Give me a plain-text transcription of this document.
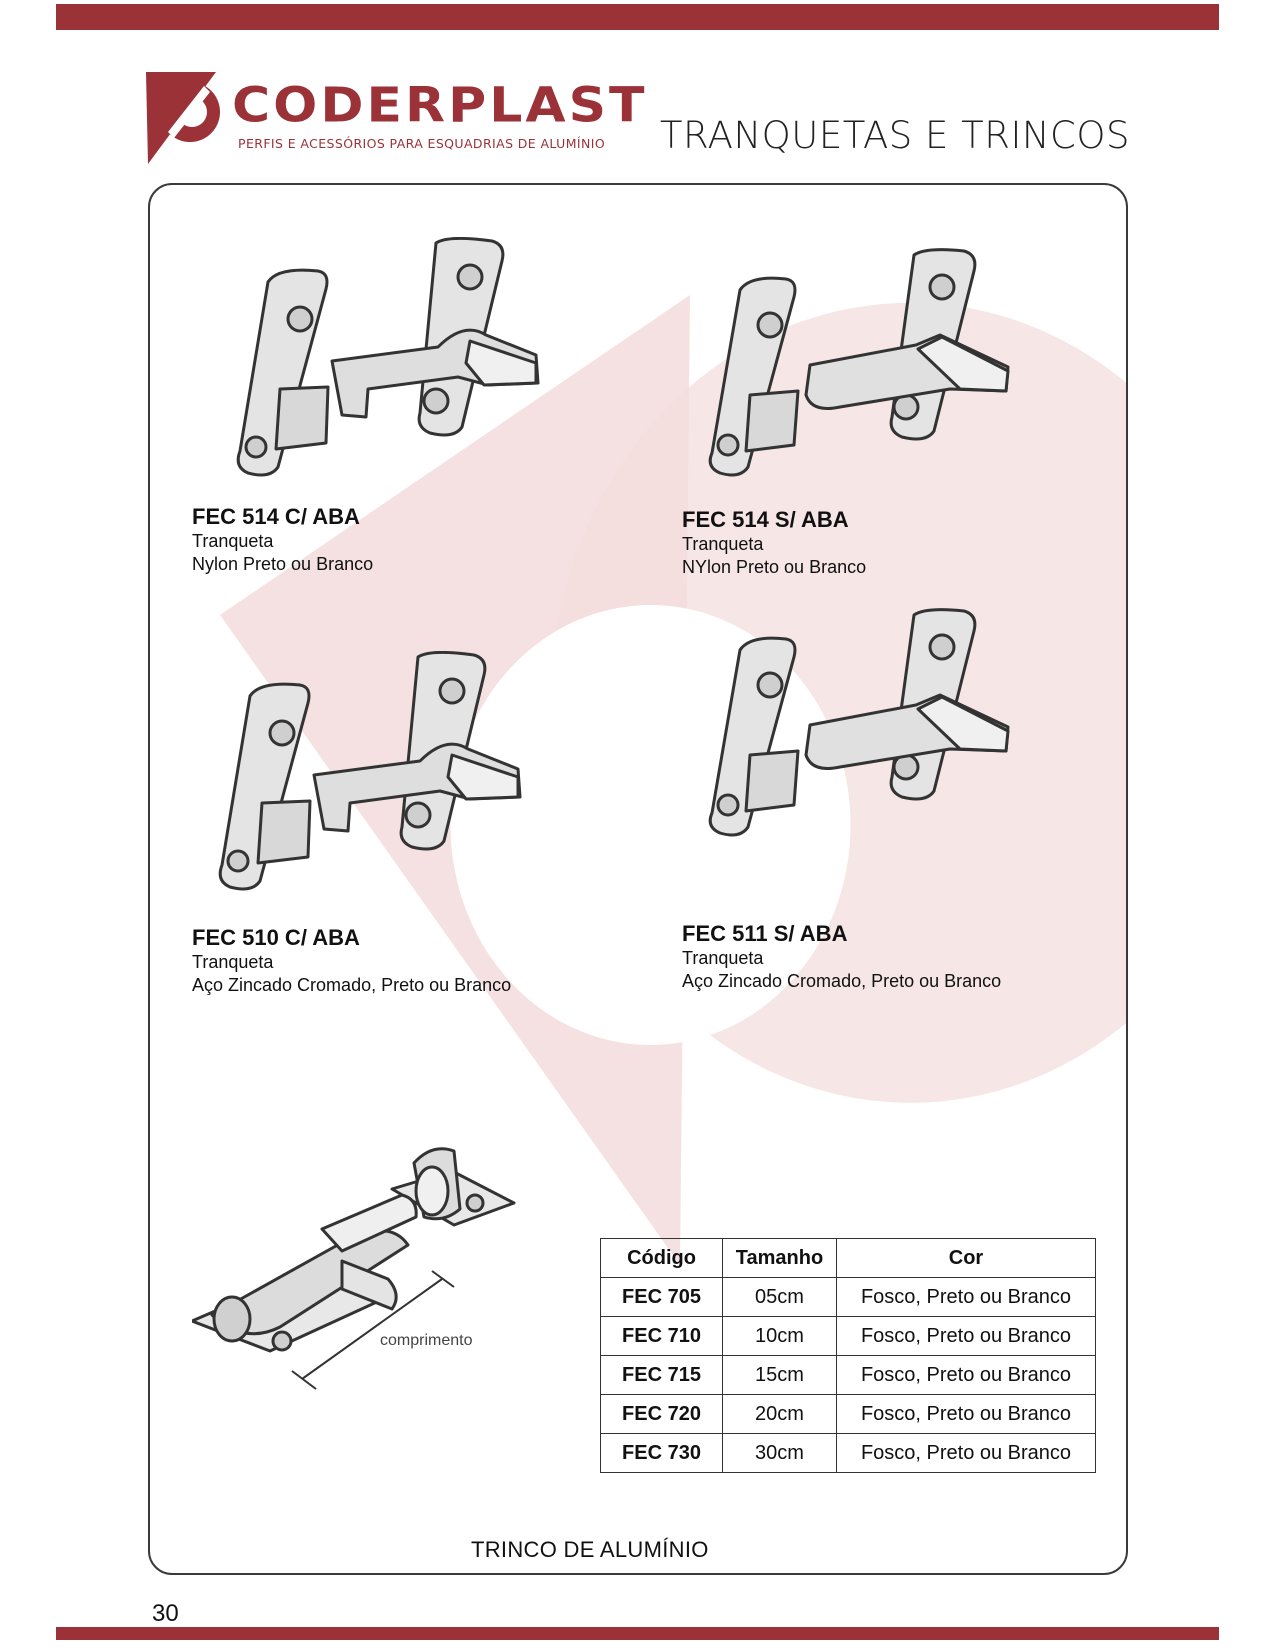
CODERPLAST
PERFIS E ACESSÓRIOS PARA ESQUADRIAS DE ALUMÍNIO TRANQUETAS E TRINCOS
FEC 514 C/ ABA
Tranqueta
Nylon Preto ou Branco
FEC 514 S/ ABA
Tranqueta
NYlon Preto ou Branco
FEC 510 C/ ABA
Tranqueta
Aço Zincado Cromado, Preto ou Branco
FEC 511 S/ ABA
Tranqueta
Aço Zincado Cromado, Preto ou Branco
comprimento
Código	Tamanho	Cor
FEC 705	05cm	Fosco, Preto ou Branco
FEC 710	10cm	Fosco, Preto ou Branco
FEC 715	15cm	Fosco, Preto ou Branco
FEC 720	20cm	Fosco, Preto ou Branco
FEC 730	30cm	Fosco, Preto ou Branco
TRINCO DE ALUMÍNIO
30
